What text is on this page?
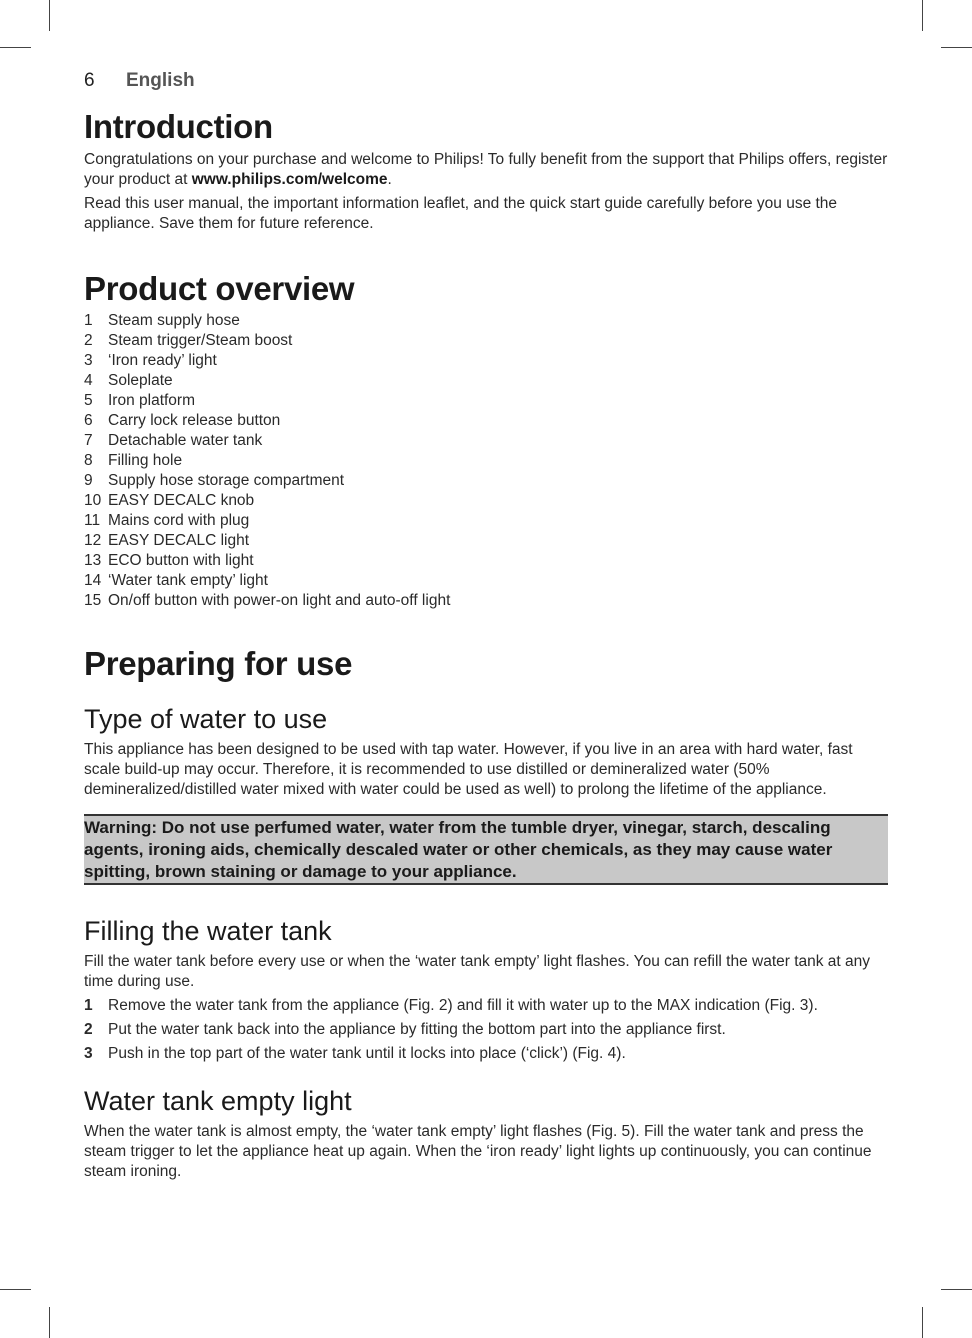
6	English
Introduction

Congratulations on your purchase and welcome to Philips! To fully benefit from the support that Philips offers, register your product at www.philips.com/welcome.

Read this user manual, the important information leaflet, and the quick start guide carefully before you use the appliance. Save them for future reference.

Product overview
1 Steam supply hose
2 Steam trigger/Steam boost
3 ‘Iron ready’ light
4 Soleplate
5 Iron platform
6 Carry lock release button
7 Detachable water tank
8 Filling hole
9 Supply hose storage compartment
10 EASY DECALC knob
11 Mains cord with plug
12 EASY DECALC light
13 ECO button with light
14 ‘Water tank empty’ light
15 On/off button with power-on light and auto-off light
Preparing for use
Type of water to use

This appliance has been designed to be used with tap water. However, if you live in an area with hard water, fast scale build-up may occur. Therefore, it is recommended to use distilled or demineralized water (50% demineralized/distilled water mixed with water could be used as well) to prolong the lifetime of the appliance.

Warning: Do not use perfumed water, water from the tumble dryer, vinegar, starch, descaling agents, ironing aids, chemically descaled water or other chemicals, as they may cause water spitting, brown staining or damage to your appliance.
Filling the water tank

Fill the water tank before every use or when the ‘water tank empty’ light flashes. You can refill the water tank at any time during use.

1 Remove the water tank from the appliance (Fig. 2) and fill it with water up to the MAX indication (Fig. 3).
2 Put the water tank back into the appliance by fitting the bottom part into the appliance first.
3 Push in the top part of the water tank until it locks into place (‘click’) (Fig. 4).
Water tank empty light

When the water tank is almost empty, the ‘water tank empty’ light flashes (Fig. 5). Fill the water tank and press the steam trigger to let the appliance heat up again. When the ‘iron ready’ light lights up continuously, you can continue steam ironing.
